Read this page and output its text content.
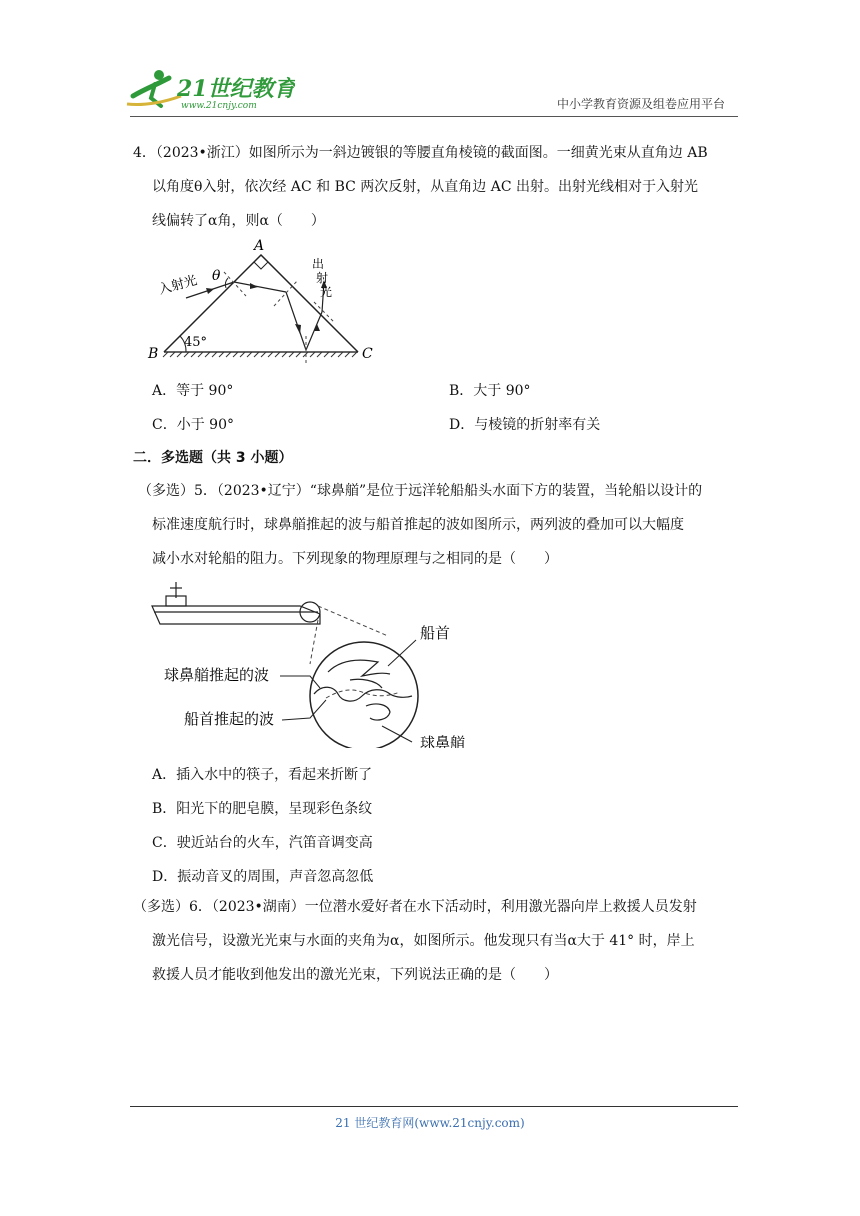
21世纪教育
www.21cnjy.com	中小学教育资源及组卷应用平台
4．（2023•浙江）如图所示为一斜边镀银的等腰直角棱镜的截面图。一细黄光束从直角边 AB
以角度θ入射，依次经 AC 和 BC 两次反射，从直角边 AC 出射。出射光线相对于入射光
线偏转了α角，则α（　　）
A
B	C
45°
θ
入射光
出
射
光
A．等于 90°	B．大于 90°
C．小于 90°	D．与棱镜的折射率有关
二．多选题（共 3 小题）
（多选）5．（2023•辽宁）“球鼻艏”是位于远洋轮船船头水面下方的装置，当轮船以设计的
标准速度航行时，球鼻艏推起的波与船首推起的波如图所示，两列波的叠加可以大幅度
减小水对轮船的阻力。下列现象的物理原理与之相同的是（　　）
船首
球鼻艏推起的波
船首推起的波
球鼻艏
A．插入水中的筷子，看起来折断了
B．阳光下的肥皂膜，呈现彩色条纹
C．驶近站台的火车，汽笛音调变高
D．振动音叉的周围，声音忽高忽低
（多选）6．（2023•湖南）一位潜水爱好者在水下活动时，利用激光器向岸上救援人员发射
激光信号，设激光光束与水面的夹角为α，如图所示。他发现只有当α大于 41° 时，岸上
救援人员才能收到他发出的激光光束，下列说法正确的是（　　）
21 世纪教育网(www.21cnjy.com)
